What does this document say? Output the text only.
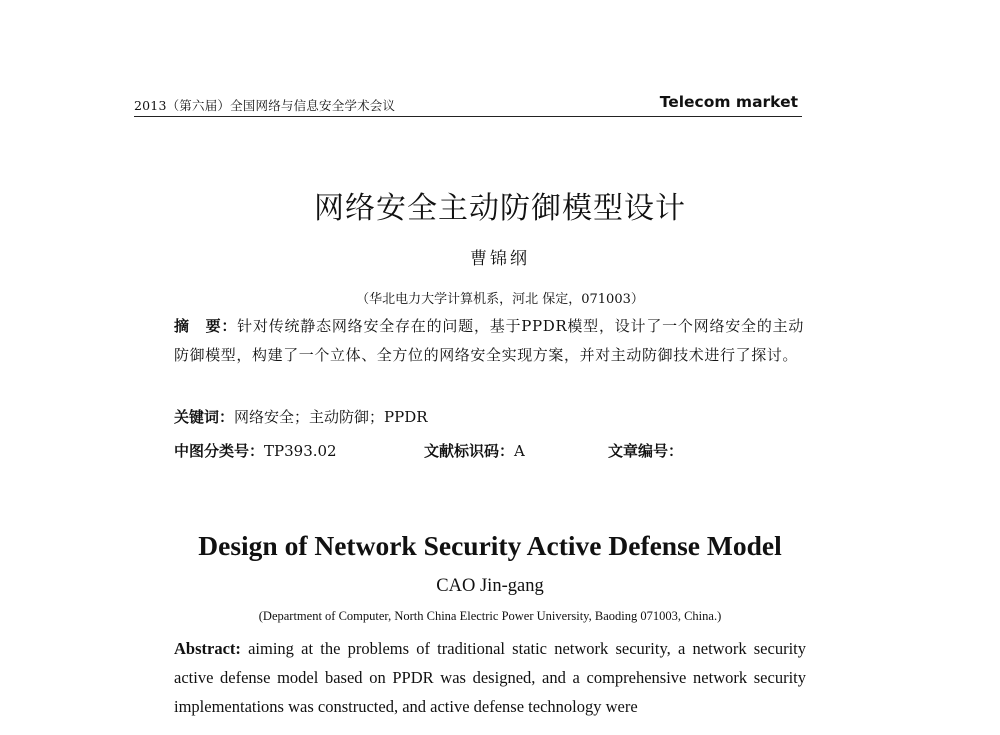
2013（第六届）全国网络与信息安全学术会议	Telecom market
网络安全主动防御模型设计
曹锦纲
（华北电力大学计算机系，河北 保定，071003）
摘　要：针对传统静态网络安全存在的问题，基于PPDR模型，设计了一个网络安全的主动防御模型，构建了一个立体、全方位的网络安全实现方案，并对主动防御技术进行了探讨。
关键词：网络安全；主动防御；PPDR
中图分类号：TP393.02	文献标识码：A	文章编号：
Design of Network Security Active Defense Model
CAO Jin-gang
(Department of Computer, North China Electric Power University, Baoding 071003, China.)
Abstract: aiming at the problems of traditional static network security, a network security active defense model based on PPDR was designed, and a comprehensive network security implementations was constructed, and active defense technology were
